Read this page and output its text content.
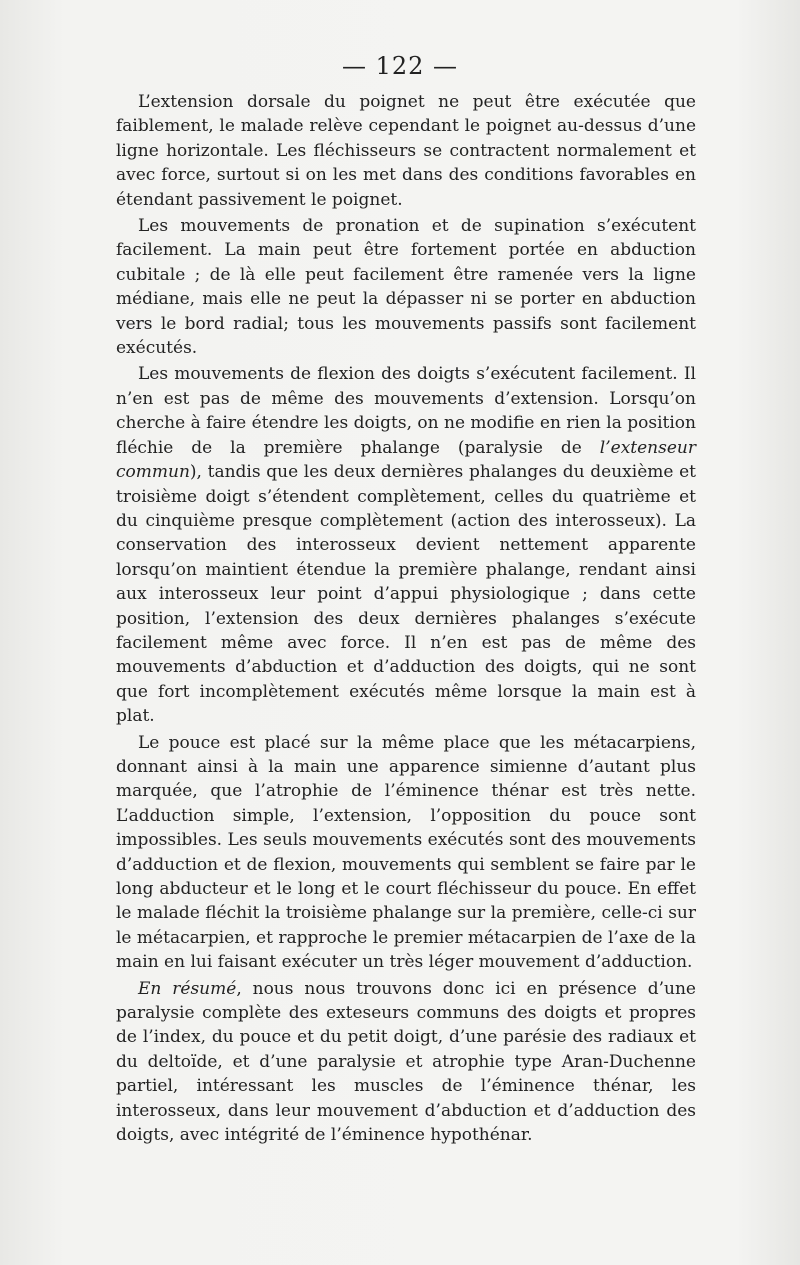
— 122 —

L’extension dorsale du poignet ne peut être exécutée que faiblement, le malade relève cependant le poignet au-dessus d’une ligne horizontale. Les fléchisseurs se contractent normalement et avec force, surtout si on les met dans des conditions favorables en étendant passivement le poignet.

Les mouvements de pronation et de supination s’exécutent facilement. La main peut être fortement portée en abduction cubitale ; de là elle peut facilement être ramenée vers la ligne médiane, mais elle ne peut la dépasser ni se porter en abduction vers le bord radial; tous les mouvements passifs sont facilement exécutés.

Les mouvements de flexion des doigts s’exécutent facilement. Il n’en est pas de même des mouvements d’extension. Lorsqu’on cherche à faire étendre les doigts, on ne modifie en rien la position fléchie de la première phalange (paralysie de l’extenseur commun), tandis que les deux dernières phalanges du deuxième et troisième doigt s’étendent complètement, celles du quatrième et du cinquième presque complètement (action des interosseux). La conservation des interosseux devient nettement apparente lorsqu’on maintient étendue la première phalange, rendant ainsi aux interosseux leur point d’appui physiologique ; dans cette position, l’extension des deux dernières phalanges s’exécute facilement même avec force. Il n’en est pas de même des mouvements d’abduction et d’adduction des doigts, qui ne sont que fort incomplètement exécutés même lorsque la main est à plat.

Le pouce est placé sur la même place que les métacarpiens, donnant ainsi à la main une apparence simienne d’autant plus marquée, que l’atrophie de l’éminence thénar est très nette. L’adduction simple, l’extension, l’opposition du pouce sont impossibles. Les seuls mouvements exécutés sont des mouvements d’adduction et de flexion, mouvements qui semblent se faire par le long abducteur et le long et le court fléchisseur du pouce. En effet le malade fléchit la troisième phalange sur la première, celle-ci sur le métacarpien, et rapproche le premier métacarpien de l’axe de la main en lui faisant exécuter un très léger mouvement d’adduction.

En résumé, nous nous trouvons donc ici en présence d’une paralysie complète des exteseurs communs des doigts et propres de l’index, du pouce et du petit doigt, d’une parésie des radiaux et du deltoïde, et d’une paralysie et atrophie type Aran-Duchenne partiel, intéressant les muscles de l’éminence thénar, les interosseux, dans leur mouvement d’abduction et d’adduction des doigts, avec intégrité de l’éminence hypothénar.
